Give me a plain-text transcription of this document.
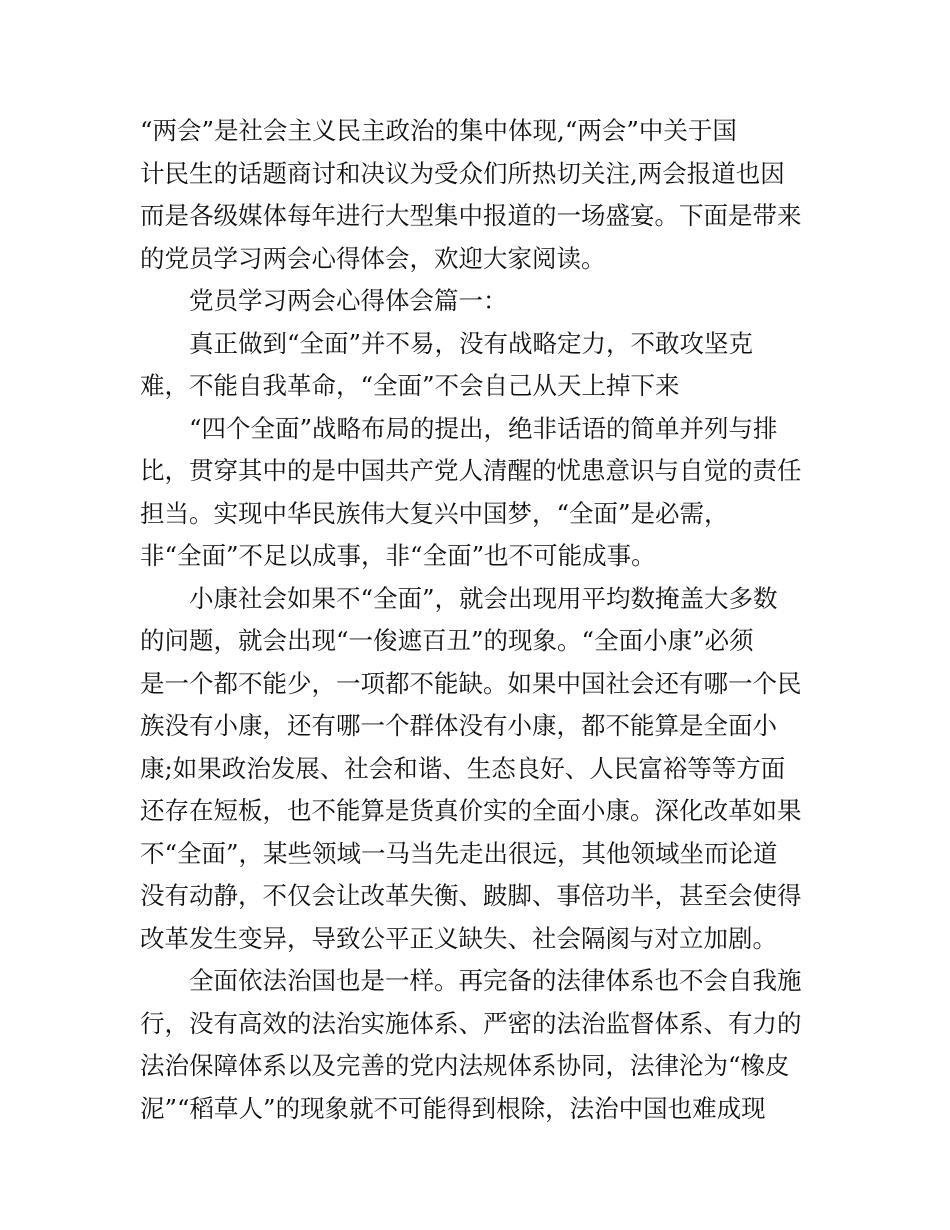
“两会”是社会主义民主政治的集中体现,“两会”中关于国
计民生的话题商讨和决议为受众们所热切关注,两会报道也因
而是各级媒体每年进行大型集中报道的一场盛宴。下面是带来
的党员学习两会心得体会，欢迎大家阅读。
党员学习两会心得体会篇一：
真正做到“全面”并不易，没有战略定力，不敢攻坚克
难，不能自我革命，“全面”不会自己从天上掉下来
“四个全面”战略布局的提出，绝非话语的简单并列与排
比，贯穿其中的是中国共产党人清醒的忧患意识与自觉的责任
担当。实现中华民族伟大复兴中国梦，“全面”是必需，
非“全面”不足以成事，非“全面”也不可能成事。
小康社会如果不“全面”，就会出现用平均数掩盖大多数
的问题，就会出现“一俊遮百丑”的现象。“全面小康”必须
是一个都不能少，一项都不能缺。如果中国社会还有哪一个民
族没有小康，还有哪一个群体没有小康，都不能算是全面小
康;如果政治发展、社会和谐、生态良好、人民富裕等等方面
还存在短板，也不能算是货真价实的全面小康。深化改革如果
不“全面”，某些领域一马当先走出很远，其他领域坐而论道
没有动静，不仅会让改革失衡、跛脚、事倍功半，甚至会使得
改革发生变异，导致公平正义缺失、社会隔阂与对立加剧。
全面依法治国也是一样。再完备的法律体系也不会自我施
行，没有高效的法治实施体系、严密的法治监督体系、有力的
法治保障体系以及完善的党内法规体系协同，法律沦为“橡皮
泥”“稻草人”的现象就不可能得到根除，法治中国也难成现
